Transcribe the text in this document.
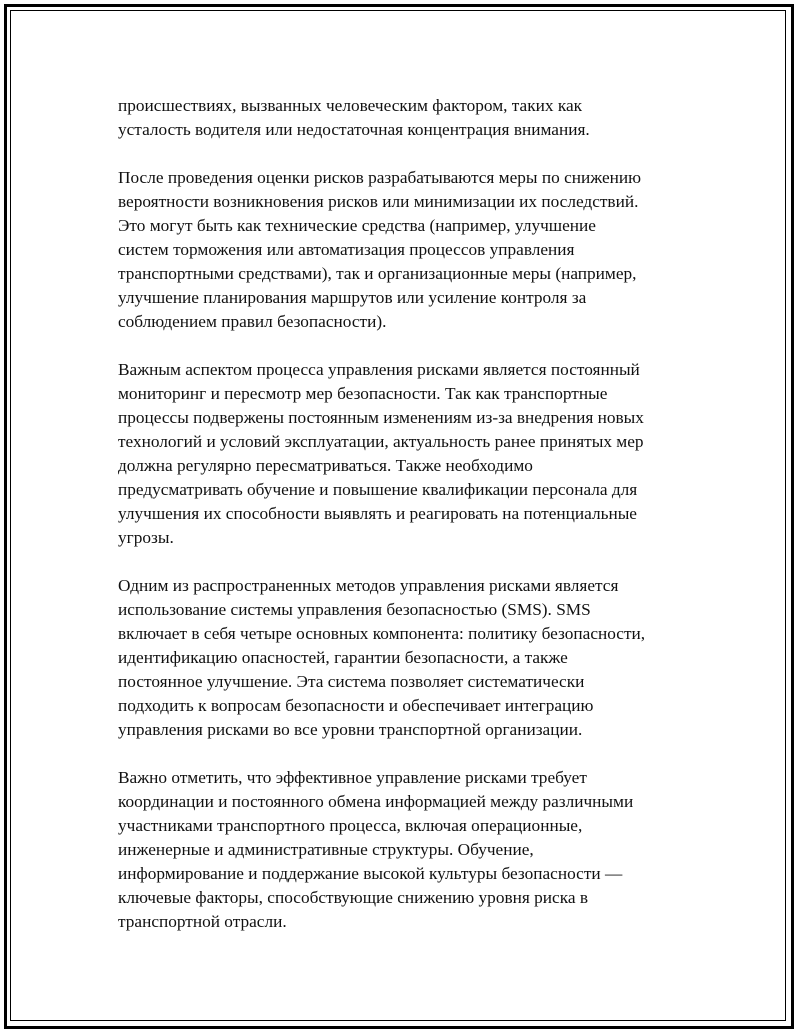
происшествиях, вызванных человеческим фактором, таких как
усталость водителя или недостаточная концентрация внимания.

После проведения оценки рисков разрабатываются меры по снижению
вероятности возникновения рисков или минимизации их последствий.
Это могут быть как технические средства (например, улучшение
систем торможения или автоматизация процессов управления
транспортными средствами), так и организационные меры (например,
улучшение планирования маршрутов или усиление контроля за
соблюдением правил безопасности).

Важным аспектом процесса управления рисками является постоянный
мониторинг и пересмотр мер безопасности. Так как транспортные
процессы подвержены постоянным изменениям из-за внедрения новых
технологий и условий эксплуатации, актуальность ранее принятых мер
должна регулярно пересматриваться. Также необходимо
предусматривать обучение и повышение квалификации персонала для
улучшения их способности выявлять и реагировать на потенциальные
угрозы.

Одним из распространенных методов управления рисками является
использование системы управления безопасностью (SMS). SMS
включает в себя четыре основных компонента: политику безопасности,
идентификацию опасностей, гарантии безопасности, а также
постоянное улучшение. Эта система позволяет систематически
подходить к вопросам безопасности и обеспечивает интеграцию
управления рисками во все уровни транспортной организации.

Важно отметить, что эффективное управление рисками требует
координации и постоянного обмена информацией между различными
участниками транспортного процесса, включая операционные,
инженерные и административные структуры. Обучение,
информирование и поддержание высокой культуры безопасности —
ключевые факторы, способствующие снижению уровня риска в
транспортной отрасли.
